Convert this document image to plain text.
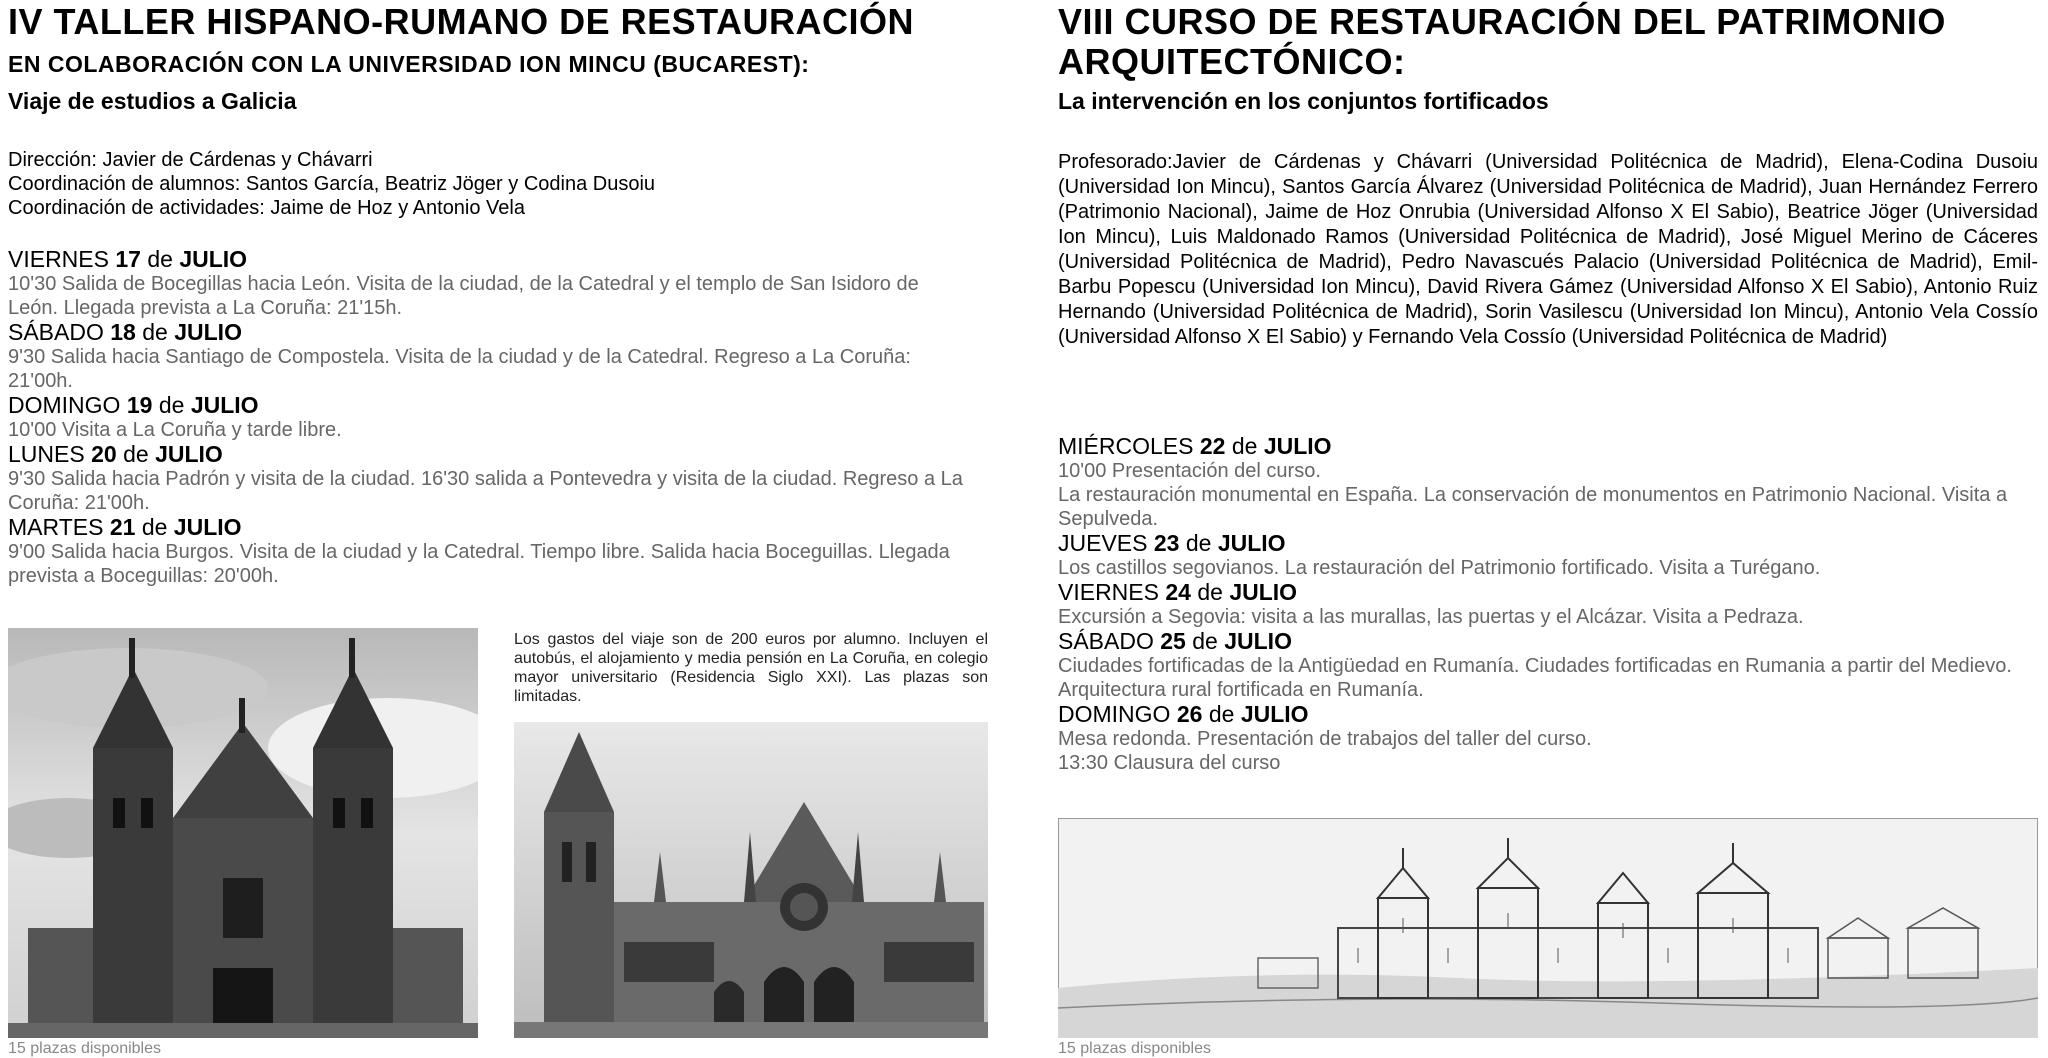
IV TALLER HISPANO-RUMANO DE RESTAURACIÓN

EN COLABORACIÓN CON LA UNIVERSIDAD ION MINCU (BUCAREST):

Viaje de estudios a Galicia

Dirección: Javier de Cárdenas y Chávarri

Coordinación de alumnos: Santos García, Beatriz Jöger y Codina Dusoiu

Coordinación de actividades: Jaime de Hoz y Antonio Vela

VIERNES 17 de JULIO

10'30 Salida de Bocegillas hacia León. Visita de la ciudad, de la Catedral y el templo de San Isidoro de León. Llegada prevista a La Coruña: 21'15h.

SÁBADO 18 de JULIO

9'30 Salida hacia Santiago de Compostela. Visita de la ciudad y de la Catedral. Regreso a La Coruña: 21'00h.

DOMINGO 19 de JULIO

10'00 Visita a La Coruña y tarde libre.

LUNES 20 de JULIO

9'30 Salida hacia Padrón y visita de la ciudad. 16'30 salida a Pontevedra y visita de la ciudad. Regreso a La Coruña: 21'00h.

MARTES 21 de JULIO

9'00 Salida hacia Burgos. Visita de la ciudad y la Catedral. Tiempo libre. Salida hacia Boceguillas. Llegada prevista a Boceguillas: 20'00h.

Los gastos del viaje son de 200 euros por alumno. Incluyen el autobús, el alojamiento y media pensión en La Coruña, en colegio mayor universitario (Residencia Siglo XXI). Las plazas son limitadas.
15 plazas disponibles

VIII CURSO DE RESTAURACIÓN DEL PATRIMONIO

ARQUITECTÓNICO:

La intervención en los conjuntos fortificados

Profesorado:Javier de Cárdenas y Chávarri (Universidad Politécnica de Madrid), Elena-Codina Dusoiu (Universidad Ion Mincu), Santos García Álvarez (Universidad Politécnica de Madrid), Juan Hernández Ferrero (Patrimonio Nacional), Jaime de Hoz Onrubia (Universidad Alfonso X El Sabio), Beatrice Jöger (Universidad Ion Mincu), Luis Maldonado Ramos (Universidad Politécnica de Madrid), José Miguel Merino de Cáceres (Universidad Politécnica de Madrid), Pedro Navascués Palacio (Universidad Politécnica de Madrid), Emil-Barbu Popescu (Universidad Ion Mincu), David Rivera Gámez (Universidad Alfonso X El Sabio), Antonio Ruiz Hernando (Universidad Politécnica de Madrid), Sorin Vasilescu (Universidad Ion Mincu), Antonio Vela Cossío (Universidad Alfonso X El Sabio) y Fernando Vela Cossío (Universidad Politécnica de Madrid)

MIÉRCOLES 22 de JULIO

10'00 Presentación del curso.
La restauración monumental en España. La conservación de monumentos en Patrimonio Nacional. Visita a Sepulveda.

JUEVES 23 de JULIO

Los castillos segovianos. La restauración del Patrimonio fortificado. Visita a Turégano.

VIERNES 24 de JULIO

Excursión a Segovia: visita a las murallas, las puertas y el Alcázar. Visita a Pedraza.

SÁBADO 25 de JULIO

Ciudades fortificadas de la Antigüedad en Rumanía. Ciudades fortificadas en Rumania a partir del Medievo. Arquitectura rural fortificada en Rumanía.

DOMINGO 26 de JULIO

Mesa redonda. Presentación de trabajos del taller del curso.
13:30 Clausura del curso

15 plazas disponibles
